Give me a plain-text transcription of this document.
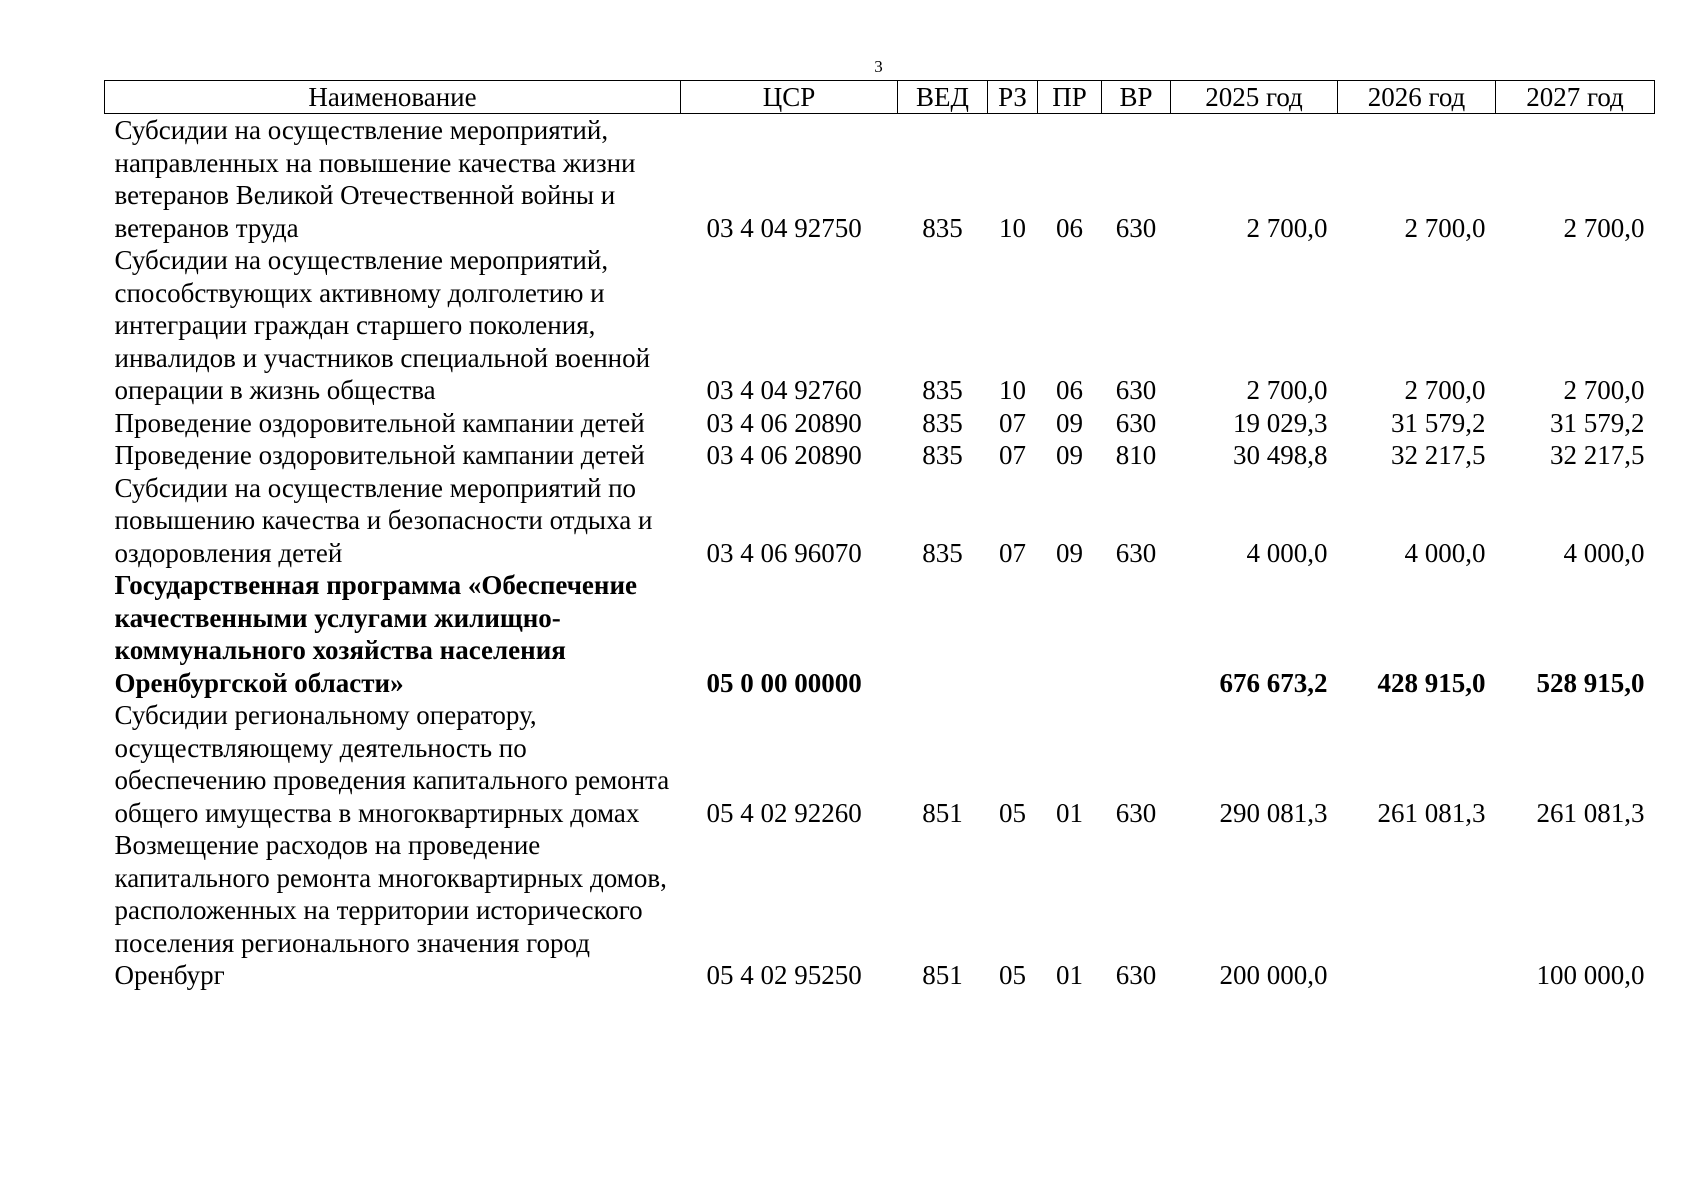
3
Наименование	ЦСР	ВЕД	РЗ	ПР	ВР	2025 год	2026 год	2027 год
Субсидии на осуществление мероприятий, направленных на повышение качества жизни ветеранов Великой Отечественной войны и ветеранов труда	03 4 04 92750	835	10	06	630	2 700,0	2 700,0	2 700,0
Субсидии на осуществление мероприятий, способствующих активному долголетию и интеграции граждан старшего поколения, инвалидов и участников специальной военной операции в жизнь общества	03 4 04 92760	835	10	06	630	2 700,0	2 700,0	2 700,0
Проведение оздоровительной кампании детей	03 4 06 20890	835	07	09	630	19 029,3	31 579,2	31 579,2
Проведение оздоровительной кампании детей	03 4 06 20890	835	07	09	810	30 498,8	32 217,5	32 217,5
Субсидии на осуществление мероприятий по повышению качества и безопасности отдыха и оздоровления детей	03 4 06 96070	835	07	09	630	4 000,0	4 000,0	4 000,0
Государственная программа «Обеспечение качественными услугами жилищно-коммунального хозяйства населения Оренбургской области»	05 0 00 00000					676 673,2	428 915,0	528 915,0
Субсидии региональному оператору, осуществляющему деятельность по обеспечению проведения капитального ремонта общего имущества в многоквартирных домах	05 4 02 92260	851	05	01	630	290 081,3	261 081,3	261 081,3
Возмещение расходов на проведение капитального ремонта многоквартирных домов, расположенных на территории исторического поселения регионального значения город Оренбург	05 4 02 95250	851	05	01	630	200 000,0		100 000,0
